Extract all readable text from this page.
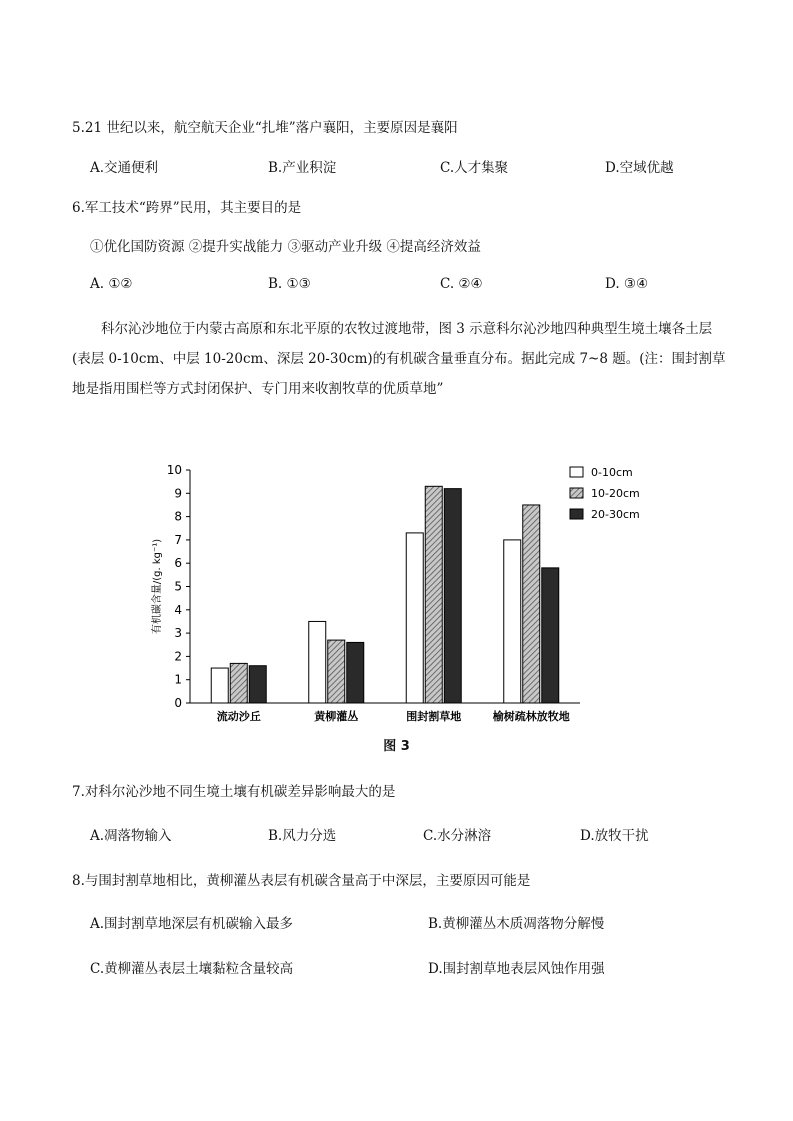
5.21 世纪以来，航空航天企业“扎堆”落户襄阳，主要原因是襄阳
A.交通便利	B.产业积淀	C.人才集聚	D.空域优越
6.军工技术“跨界”民用，其主要目的是
①优化国防资源 ②提升实战能力 ③驱动产业升级 ④提高经济效益
A. ①②	B. ①③	C. ②④	D. ③④
科尔沁沙地位于内蒙古高原和东北平原的农牧过渡地带，图 3 示意科尔沁沙地四种典型生境土壤各土层(表层 0-10cm、中层 10-20cm、深层 20-30cm)的有机碳含量垂直分布。据此完成 7~8 题。(注：围封割草地是指用围栏等方式封闭保护、专门用来收割牧草的优质草地”
0
1
2
3
4
5
6
7
8
9
10
有机碳含量/(g. kg⁻¹)
流动沙丘	黄柳灌丛	围封割草地	榆树疏林放牧地
0-10cm
10-20cm
20-30cm
图 3
7.对科尔沁沙地不同生境土壤有机碳差异影响最大的是
A.凋落物输入	B.风力分选	C.水分淋溶	D.放牧干扰
8.与围封割草地相比，黄柳灌丛表层有机碳含量高于中深层，主要原因可能是
A.围封割草地深层有机碳输入最多	B.黄柳灌丛木质凋落物分解慢
C.黄柳灌丛表层土壤黏粒含量较高	D.围封割草地表层风蚀作用强
